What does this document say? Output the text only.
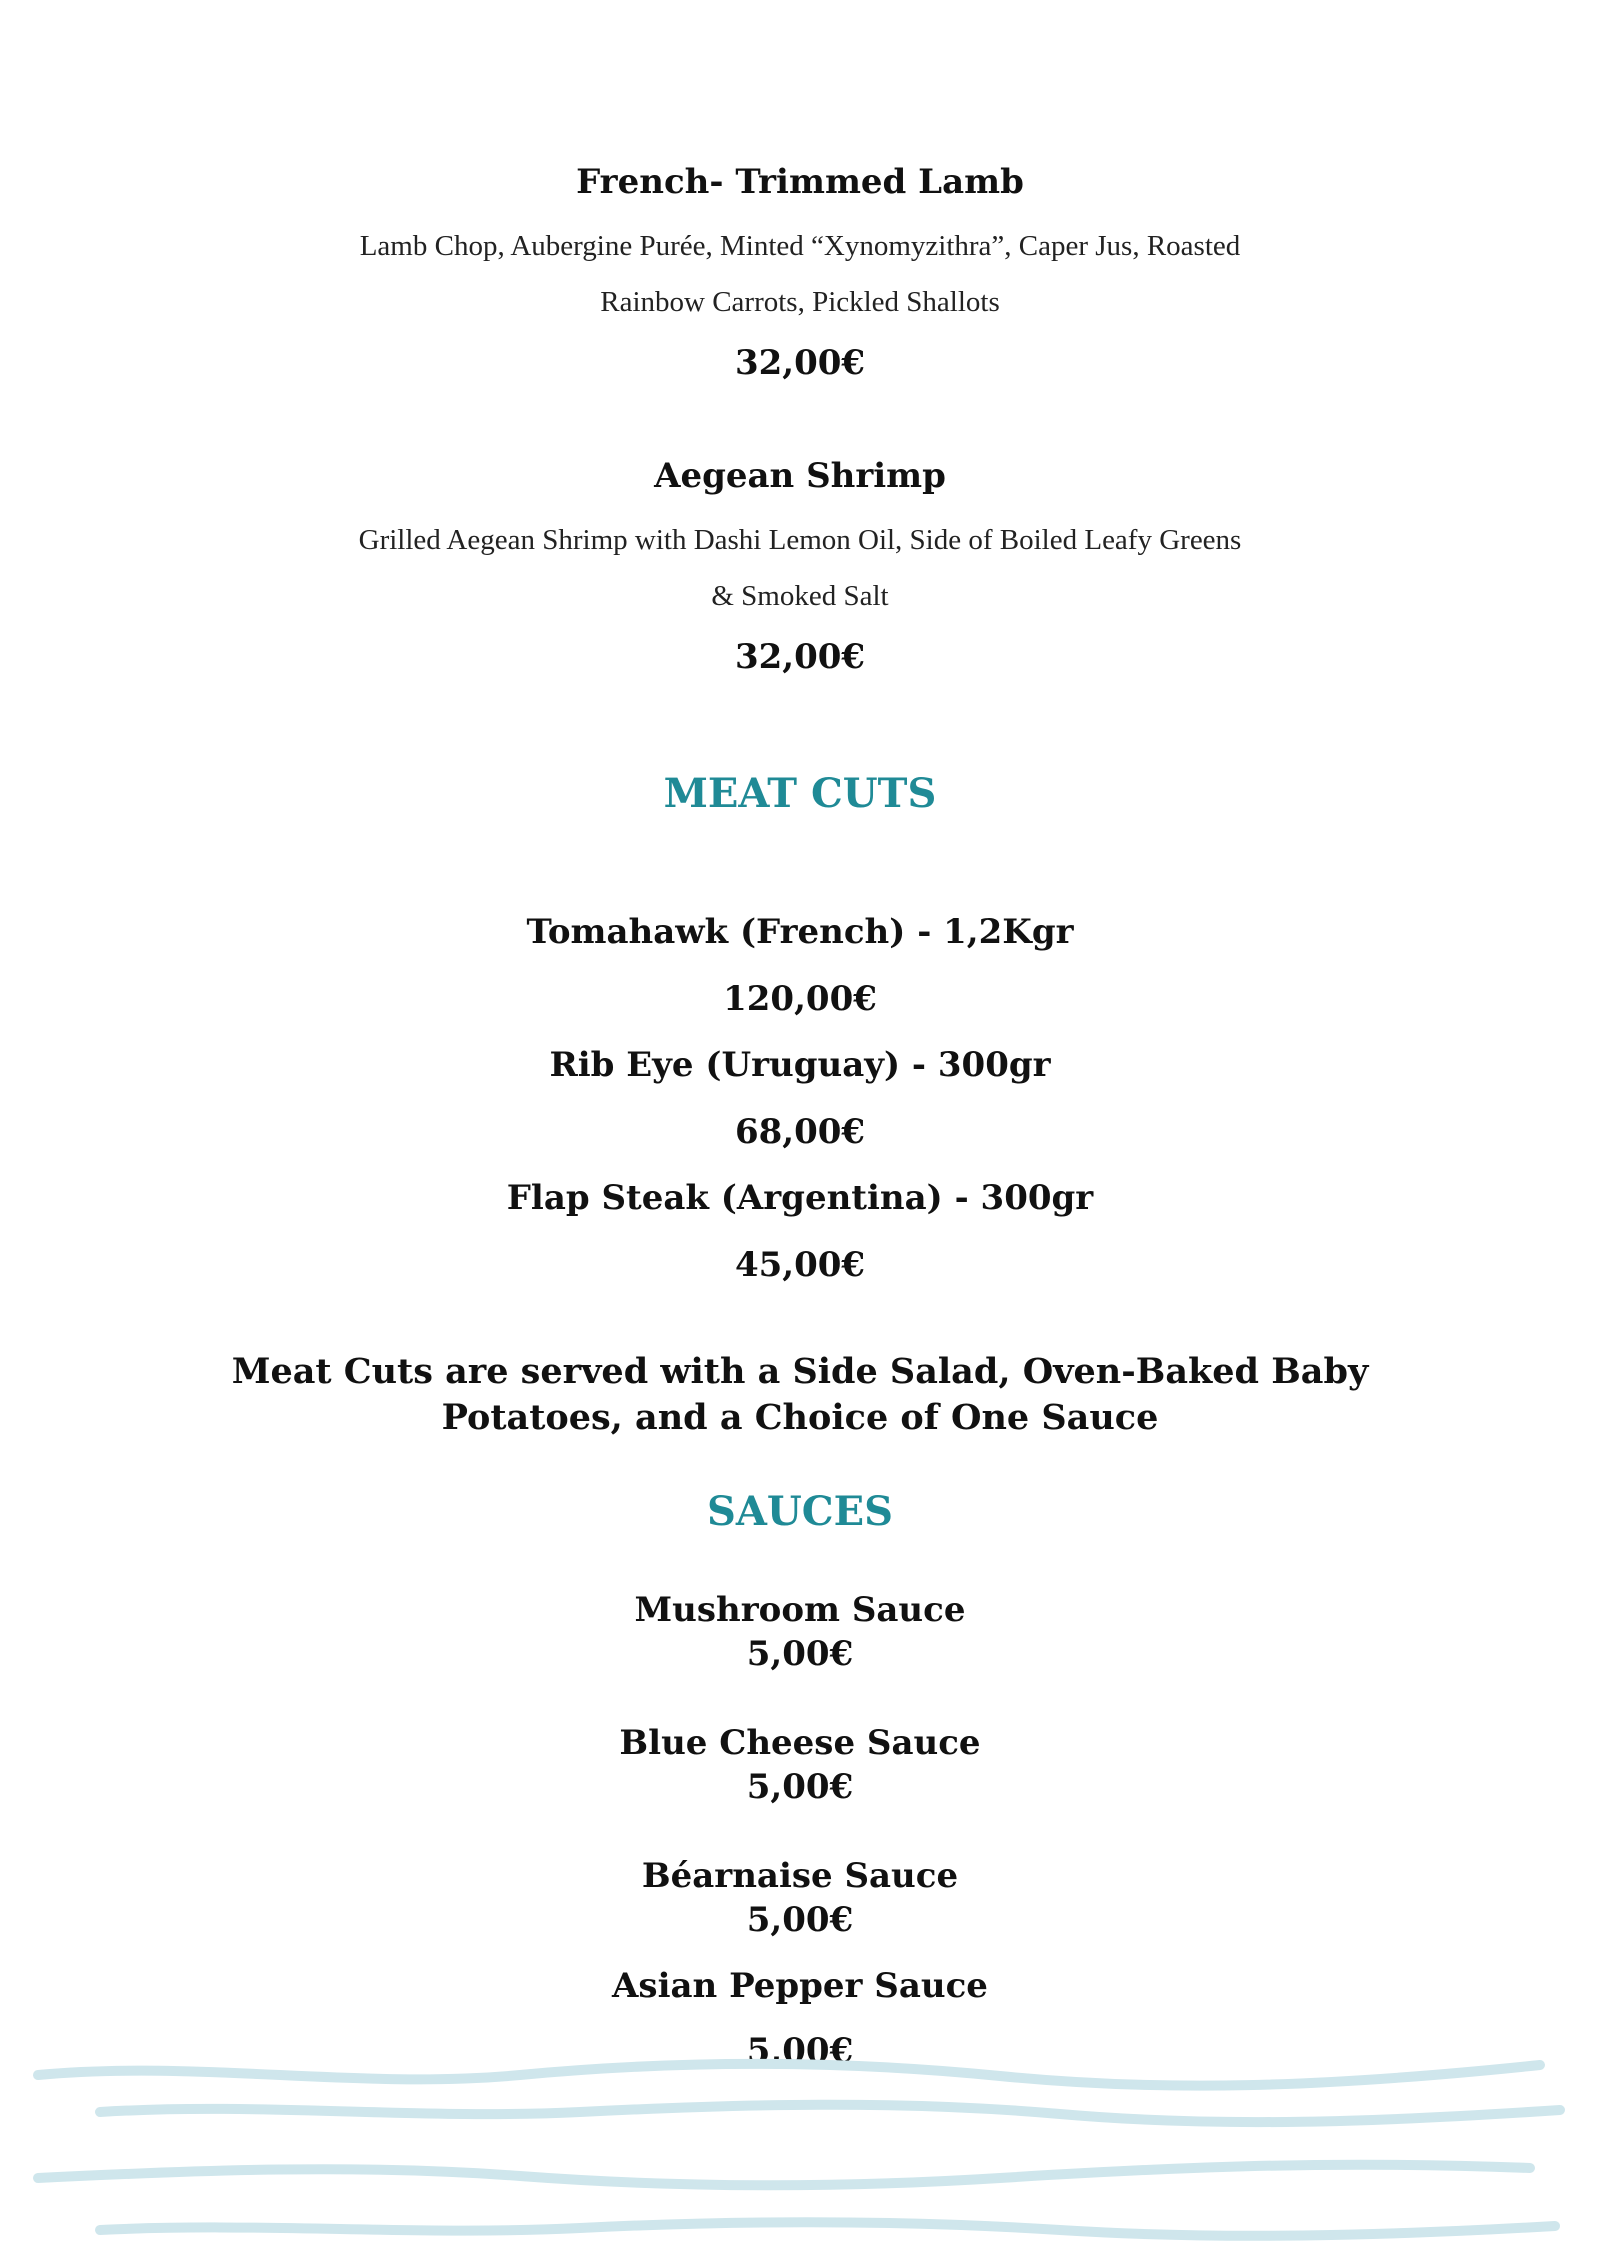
French- Trimmed Lamb
Lamb Chop, Aubergine Purée, Minted “Xynomyzithra”, Caper Jus, Roasted
Rainbow Carrots, Pickled Shallots
32,00€
Aegean Shrimp
Grilled Aegean Shrimp with Dashi Lemon Oil, Side of Boiled Leafy Greens
& Smoked Salt
32,00€
MEAT CUTS
Tomahawk (French) - 1,2Kgr
120,00€
Rib Eye (Uruguay) - 300gr
68,00€
Flap Steak (Argentina) - 300gr
45,00€
Meat Cuts are served with a Side Salad, Oven-Baked Baby
Potatoes, and a Choice of One Sauce
SAUCES
Mushroom Sauce
5,00€
Blue Cheese Sauce
5,00€
Béarnaise Sauce
5,00€
Asian Pepper Sauce
5,00€
